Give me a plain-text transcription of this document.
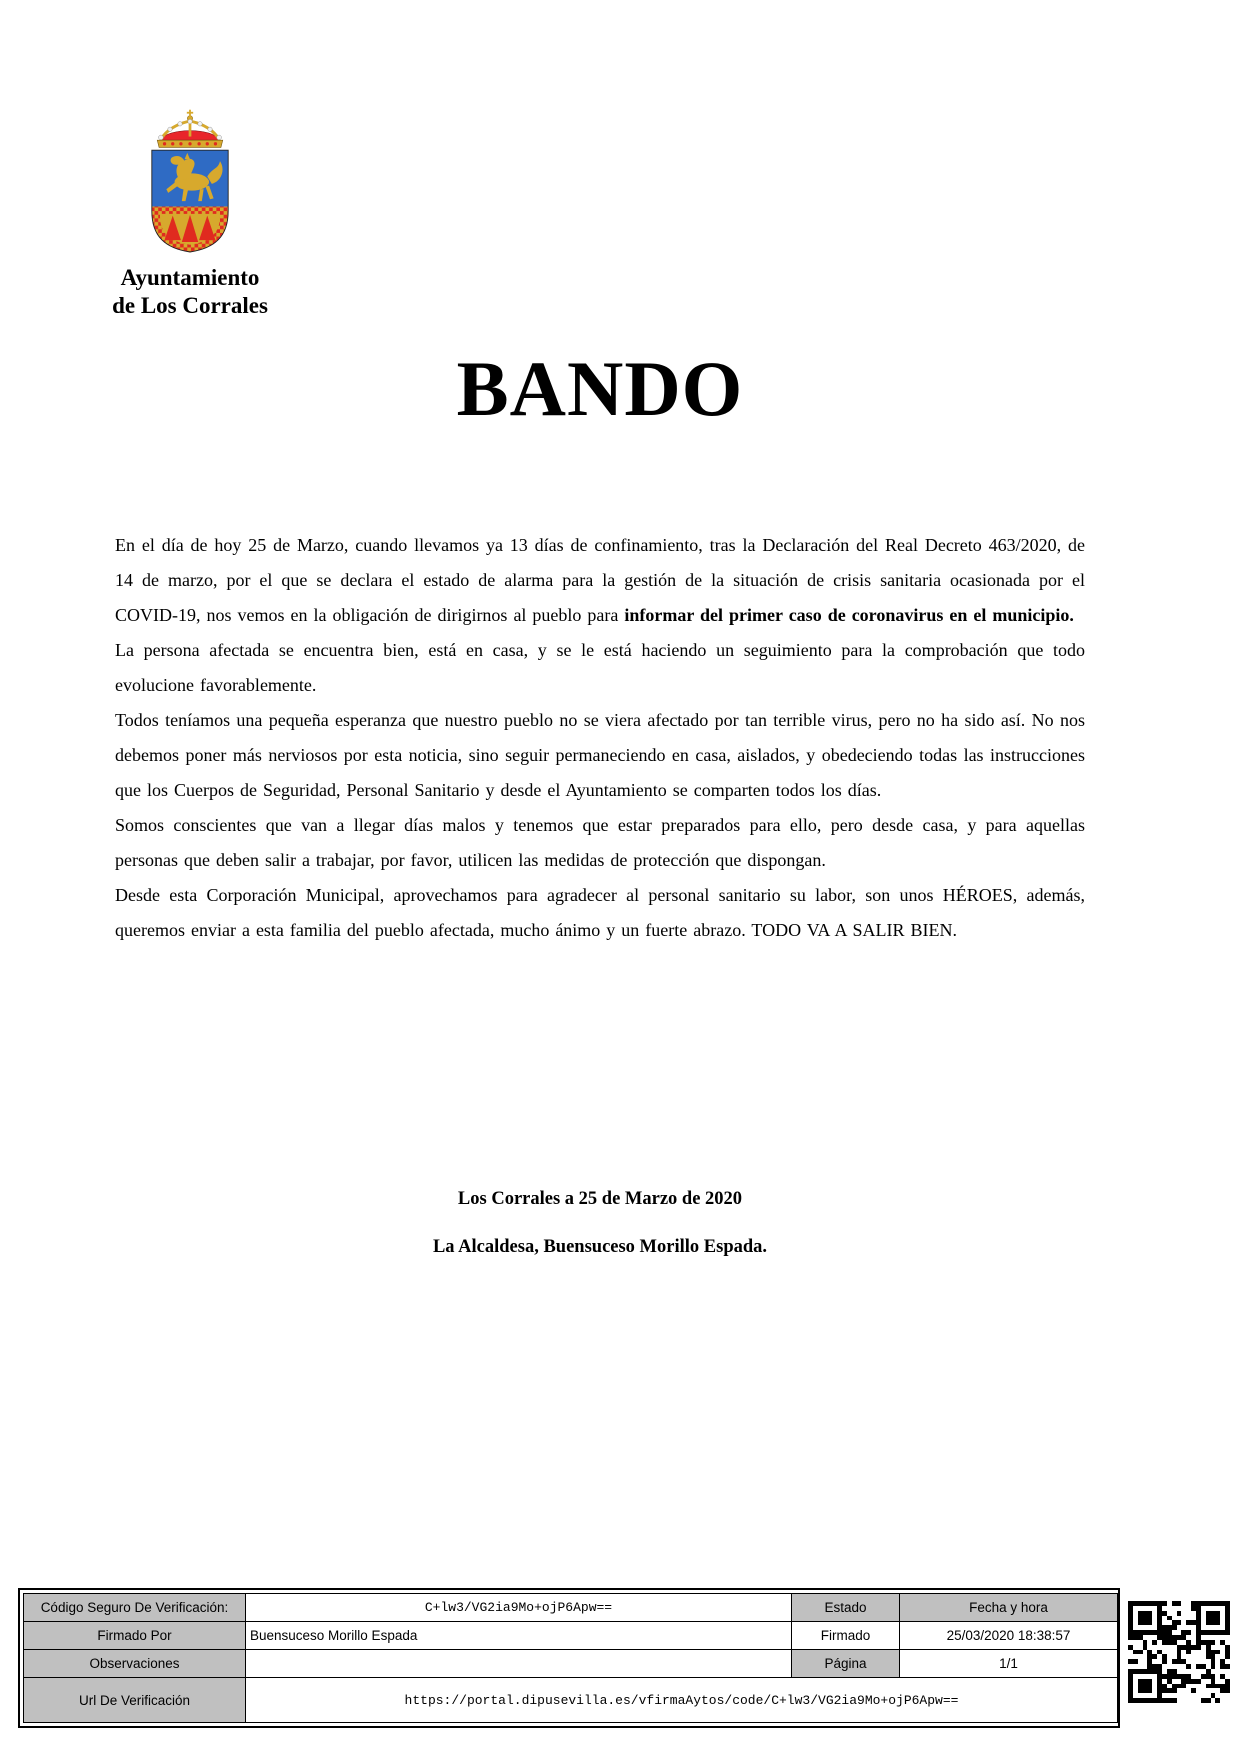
Ayuntamiento
de Los Corrales
BANDO

En el día de hoy 25 de Marzo, cuando llevamos ya 13 días de confinamiento, tras la Declaración del Real Decreto 463/2020, de 14 de marzo, por el que se declara el estado de alarma para la gestión de la situación de crisis sanitaria ocasionada por el COVID-19, nos vemos en la obligación de dirigirnos al pueblo para informar del primer caso de coronavirus en el municipio.

La persona afectada se encuentra bien, está en casa, y se le está haciendo un seguimiento para la comprobación que todo evolucione favorablemente.

Todos teníamos una pequeña esperanza que nuestro pueblo no se viera afectado por tan terrible virus, pero no ha sido así. No nos debemos poner más nerviosos por esta noticia, sino seguir permaneciendo en casa, aislados, y obedeciendo todas las instrucciones que los Cuerpos de Seguridad, Personal Sanitario y desde el Ayuntamiento se comparten todos los días.

Somos conscientes que van a llegar días malos y tenemos que estar preparados para ello, pero desde casa, y para aquellas personas que deben salir a trabajar, por favor, utilicen las medidas de protección que dispongan.

Desde esta Corporación Municipal, aprovechamos para agradecer al personal sanitario su labor, son unos HÉROES, además, queremos enviar a esta familia del pueblo afectada, mucho ánimo y un fuerte abrazo. TODO VA A SALIR BIEN.

Los Corrales a 25 de Marzo de 2020
La Alcaldesa, Buensuceso Morillo Espada.
Código Seguro De Verificación:	C+lw3/VG2ia9Mo+ojP6Apw==	Estado	Fecha y hora
Firmado Por	Buensuceso Morillo Espada	Firmado	25/03/2020 18:38:57
Observaciones		Página	1/1
Url De Verificación	https://portal.dipusevilla.es/vfirmaAytos/code/C+lw3/VG2ia9Mo+ojP6Apw==		
